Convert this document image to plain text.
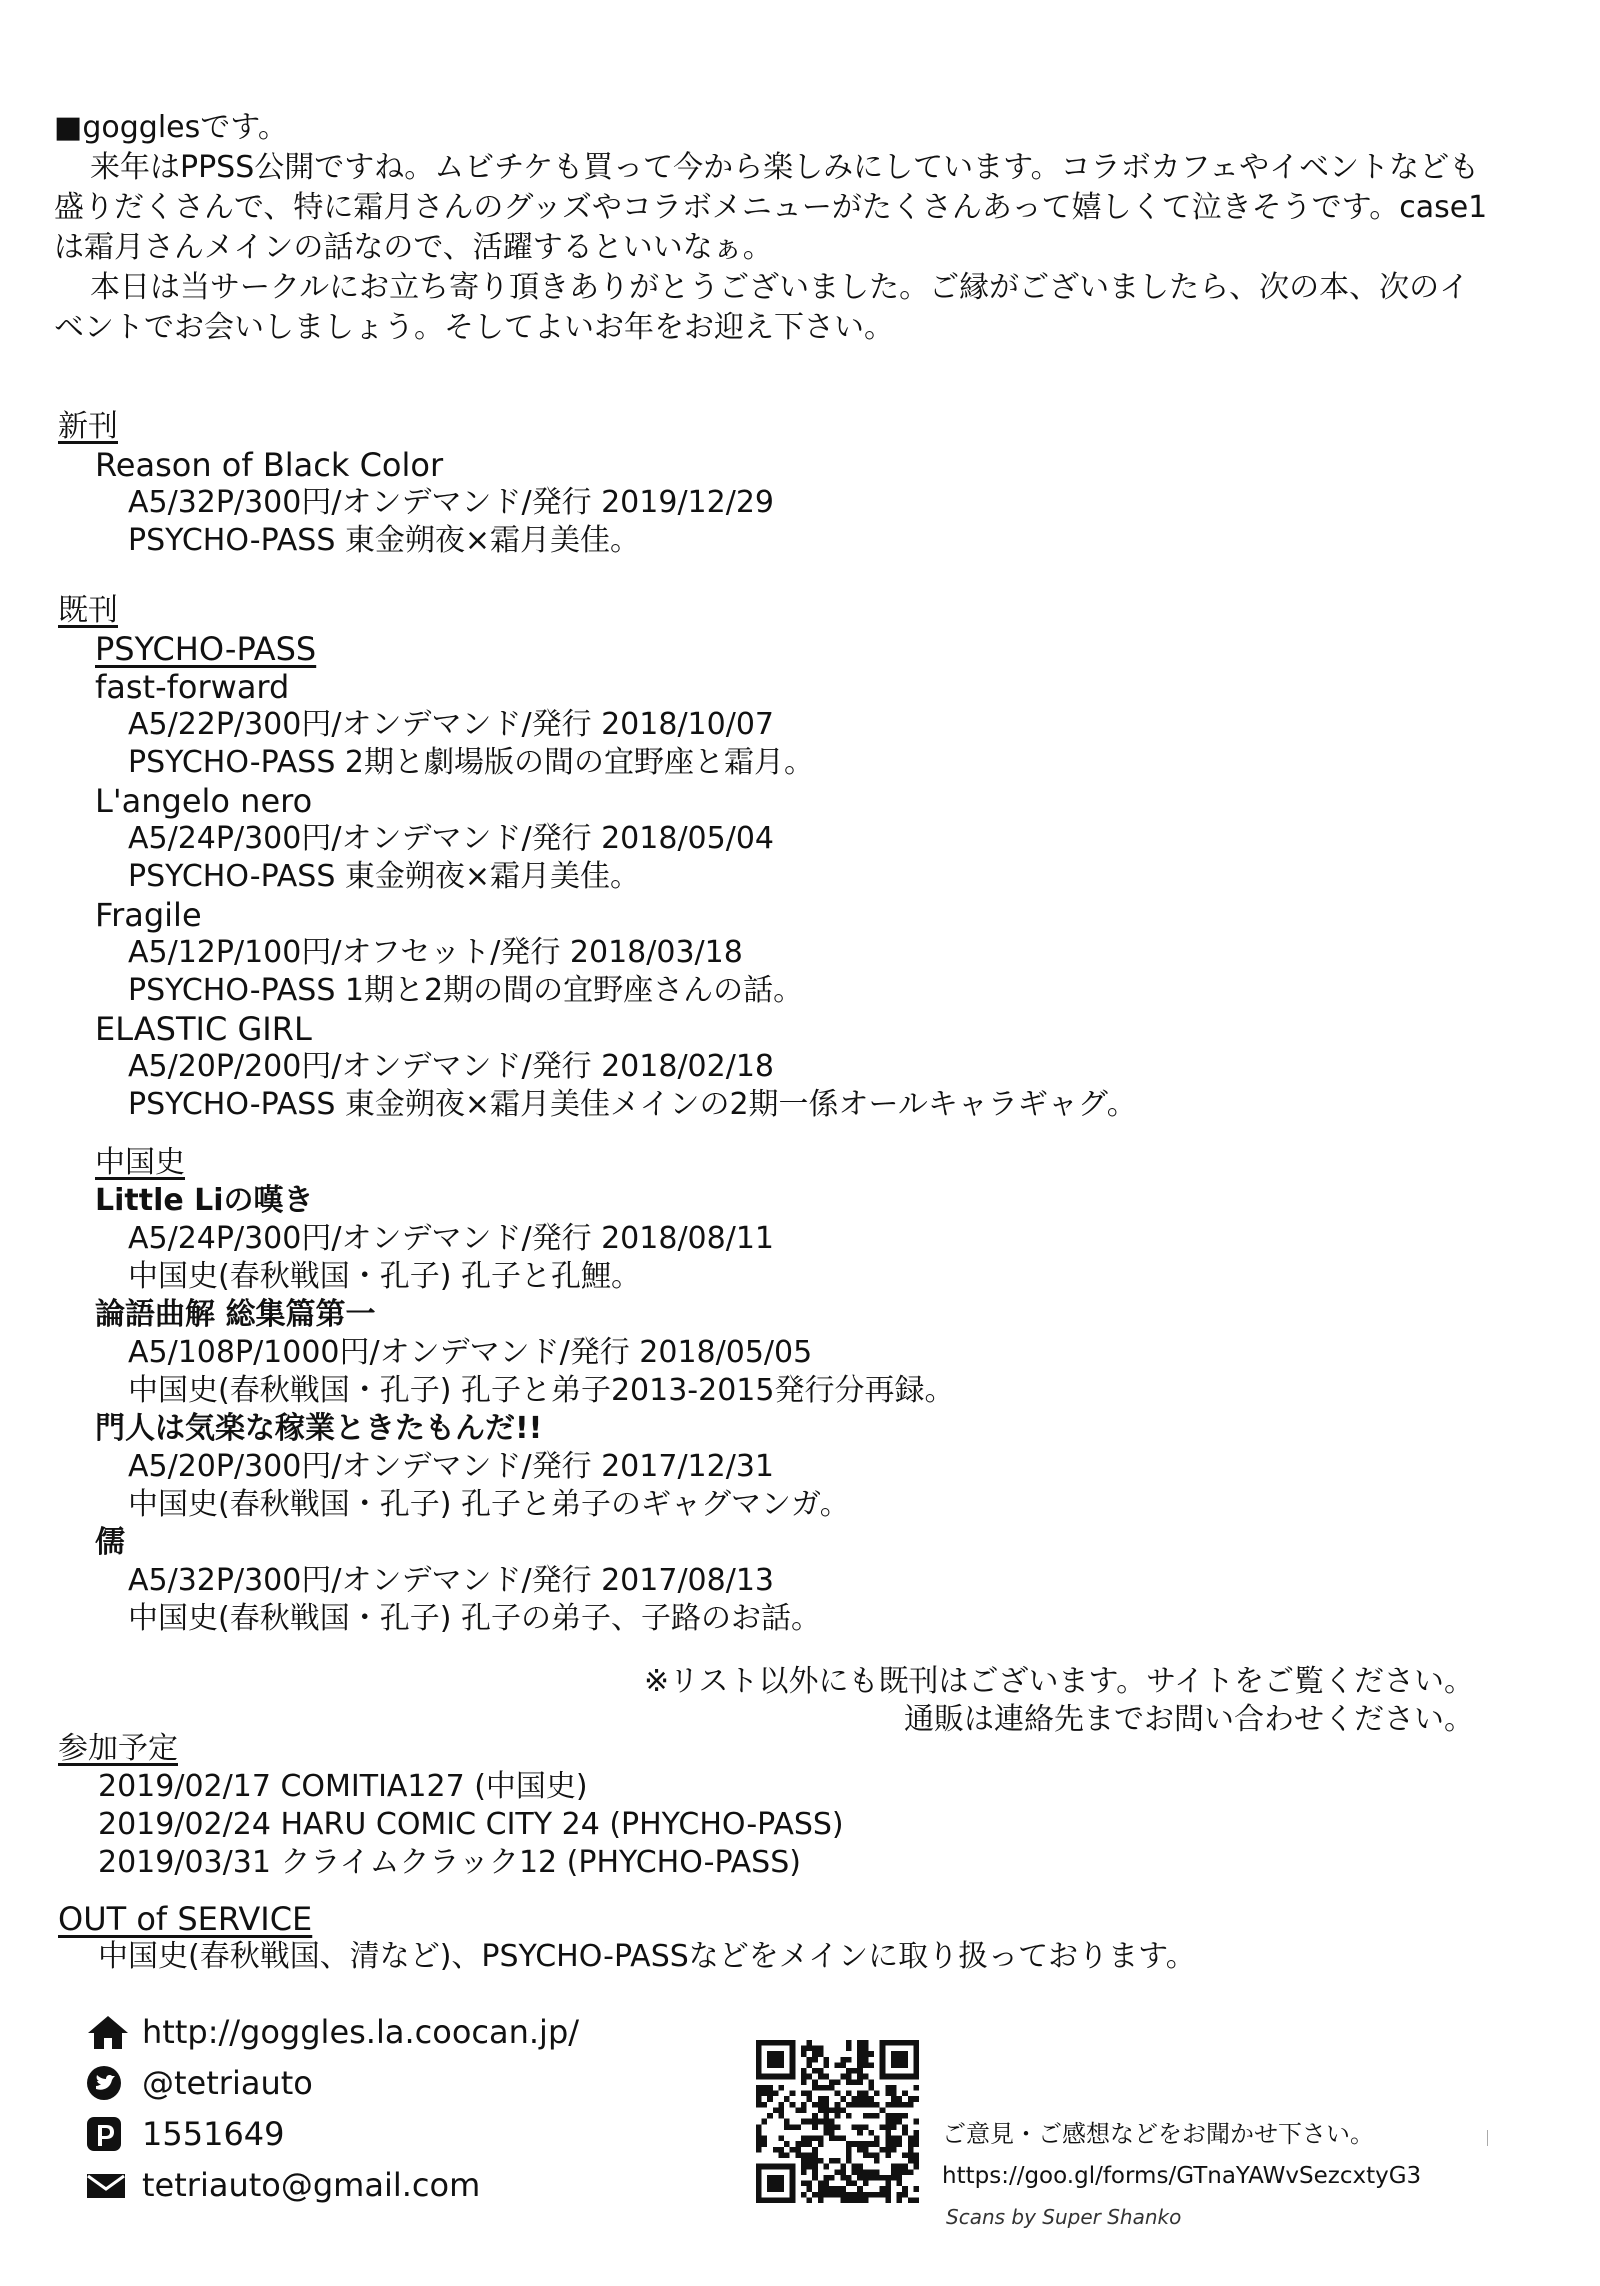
■gogglesです。

来年はPPSS公開ですね。ムビチケも買って今から楽しみにしています。コラボカフェやイベントなども盛りだくさんで、特に霜月さんのグッズやコラボメニューがたくさんあって嬉しくて泣きそうです。case1は霜月さんメインの話なので、活躍するといいなぁ。

本日は当サークルにお立ち寄り頂きありがとうございました。ご縁がございましたら、次の本、次のイベントでお会いしましょう。そしてよいお年をお迎え下さい。

新刊
Reason of Black Color
A5/32P/300円/オンデマンド/発行 2019/12/29
PSYCHO-PASS 東金朔夜×霜月美佳。
既刊
PSYCHO-PASS
fast-forward
A5/22P/300円/オンデマンド/発行 2018/10/07
PSYCHO-PASS 2期と劇場版の間の宜野座と霜月。
L'angelo nero
A5/24P/300円/オンデマンド/発行 2018/05/04
PSYCHO-PASS 東金朔夜×霜月美佳。
Fragile
A5/12P/100円/オフセット/発行 2018/03/18
PSYCHO-PASS 1期と2期の間の宜野座さんの話。
ELASTIC GIRL
A5/20P/200円/オンデマンド/発行 2018/02/18
PSYCHO-PASS 東金朔夜×霜月美佳メインの2期一係オールキャラギャグ。
中国史
Little Liの嘆き
A5/24P/300円/オンデマンド/発行 2018/08/11
中国史(春秋戦国・孔子) 孔子と孔鯉。
論語曲解 総集篇第一
A5/108P/1000円/オンデマンド/発行 2018/05/05
中国史(春秋戦国・孔子) 孔子と弟子2013-2015発行分再録。
門人は気楽な稼業ときたもんだ!!
A5/20P/300円/オンデマンド/発行 2017/12/31
中国史(春秋戦国・孔子) 孔子と弟子のギャグマンガ。
儒
A5/32P/300円/オンデマンド/発行 2017/08/13
中国史(春秋戦国・孔子) 孔子の弟子、子路のお話。
※リスト以外にも既刊はございます。サイトをご覧ください。
通販は連絡先までお問い合わせください。
参加予定
2019/02/17 COMITIA127 (中国史)
2019/02/24 HARU COMIC CITY 24 (PHYCHO-PASS)
2019/03/31 クライムクラック12 (PHYCHO-PASS)
OUT of SERVICE
中国史(春秋戦国、清など)、PSYCHO-PASSなどをメインに取り扱っております。
http://goggles.la.coocan.jp/
@tetriauto
1551649
tetriauto@gmail.com
ご意見・ご感想などをお聞かせ下さい。
https://goo.gl/forms/GTnaYAWvSezcxtyG3
Scans by Super Shanko
